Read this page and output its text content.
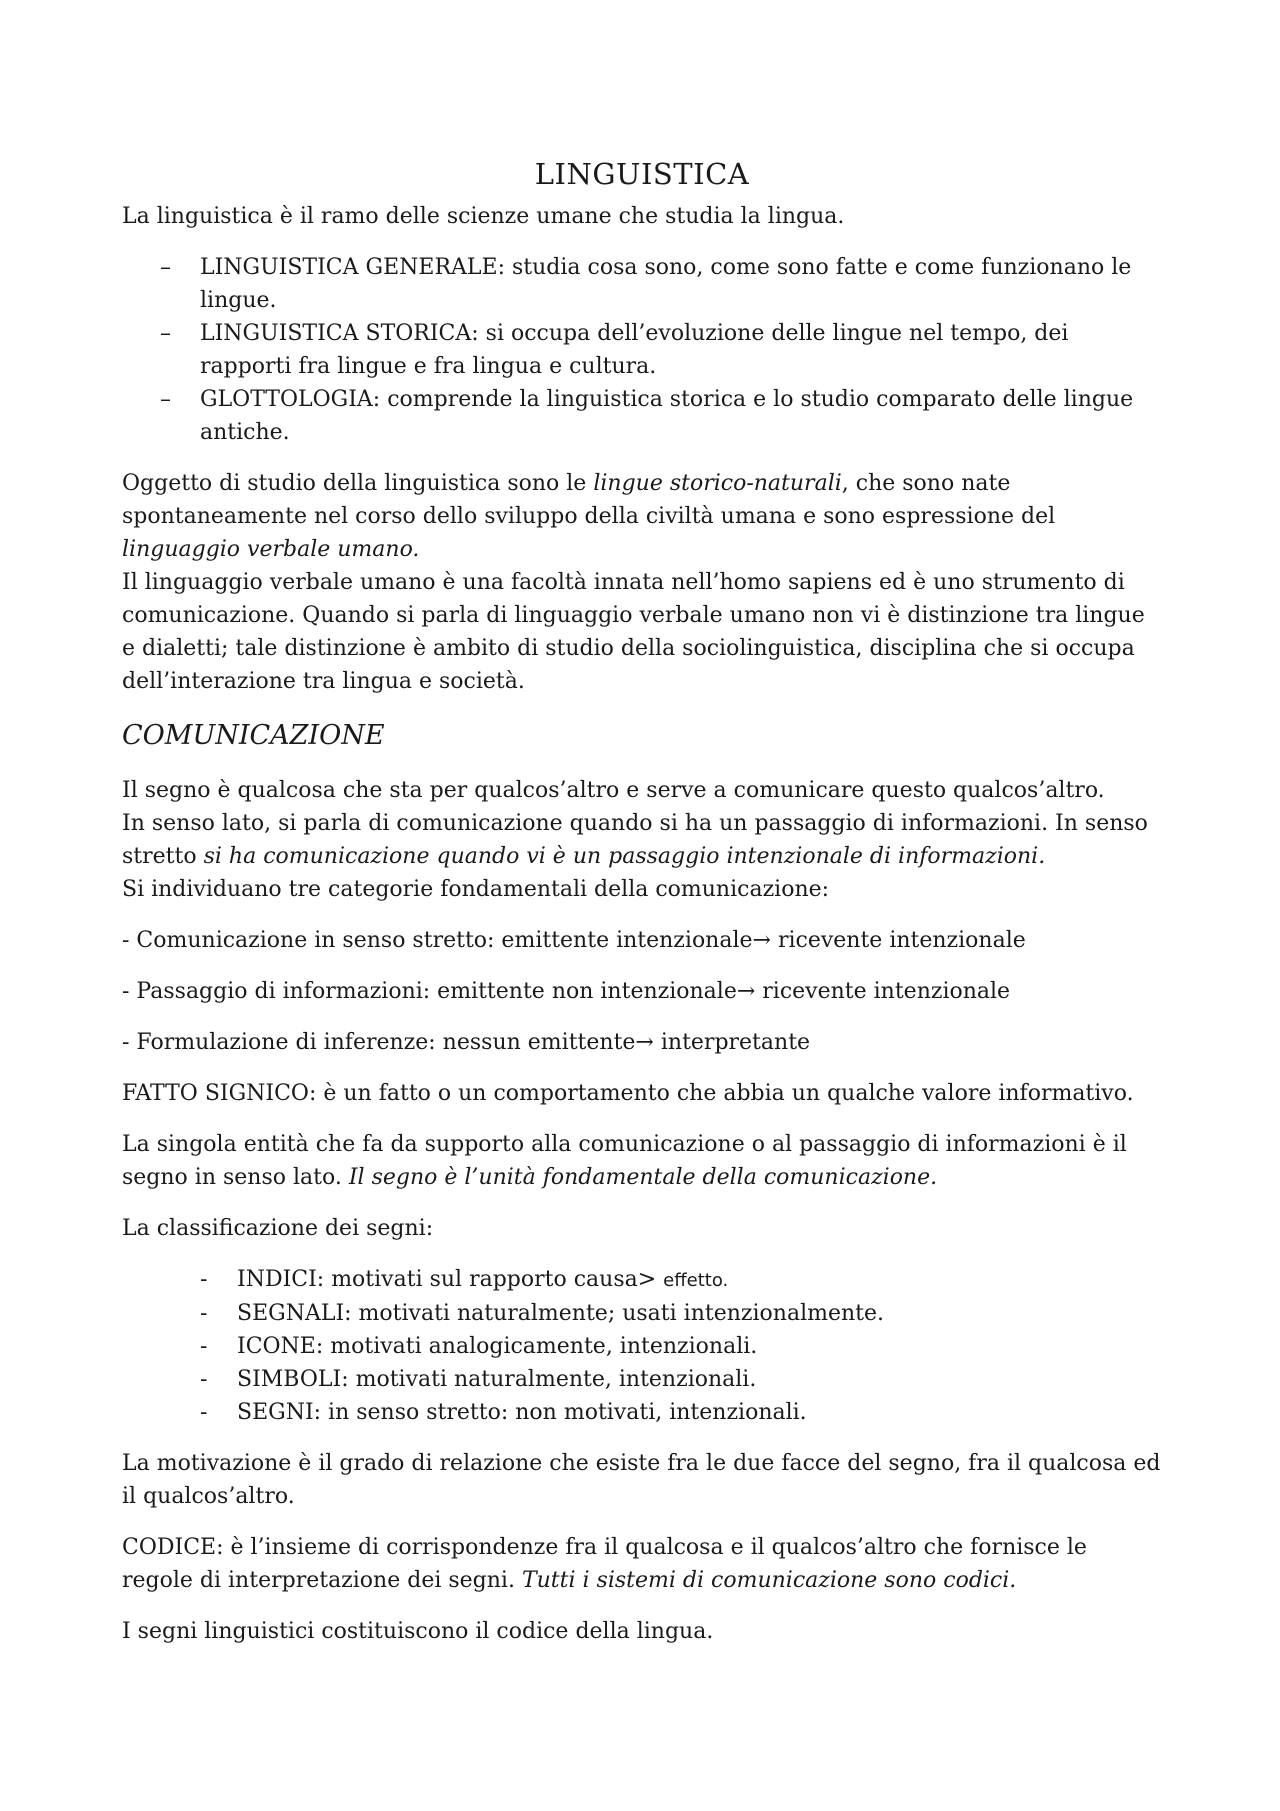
LINGUISTICA

La linguistica è il ramo delle scienze umane che studia la lingua.

– LINGUISTICA GENERALE: studia cosa sono, come sono fatte e come funzionano le lingue.
– LINGUISTICA STORICA: si occupa dell’evoluzione delle lingue nel tempo, dei rapporti fra lingue e fra lingua e cultura.
– GLOTTOLOGIA: comprende la linguistica storica e lo studio comparato delle lingue antiche.

Oggetto di studio della linguistica sono le lingue storico-naturali, che sono nate spontaneamente nel corso dello sviluppo della civiltà umana e sono espressione del linguaggio verbale umano.

Il linguaggio verbale umano è una facoltà innata nell’homo sapiens ed è uno strumento di comunicazione. Quando si parla di linguaggio verbale umano non vi è distinzione tra lingue e dialetti; tale distinzione è ambito di studio della sociolinguistica, disciplina che si occupa dell’interazione tra lingua e società.

COMUNICAZIONE

Il segno è qualcosa che sta per qualcos’altro e serve a comunicare questo qualcos’altro.

In senso lato, si parla di comunicazione quando si ha un passaggio di informazioni. In senso stretto si ha comunicazione quando vi è un passaggio intenzionale di informazioni.

Si individuano tre categorie fondamentali della comunicazione:

- Comunicazione in senso stretto: emittente intenzionale→ ricevente intenzionale

- Passaggio di informazioni: emittente non intenzionale→ ricevente intenzionale

- Formulazione di inferenze: nessun emittente→ interpretante

FATTO SIGNICO: è un fatto o un comportamento che abbia un qualche valore informativo.

La singola entità che fa da supporto alla comunicazione o al passaggio di informazioni è il segno in senso lato. Il segno è l’unità fondamentale della comunicazione.

La classificazione dei segni:

- INDICI: motivati sul rapporto causa> effetto.
- SEGNALI: motivati naturalmente; usati intenzionalmente.
- ICONE: motivati analogicamente, intenzionali.
- SIMBOLI: motivati naturalmente, intenzionali.
- SEGNI: in senso stretto: non motivati, intenzionali.

La motivazione è il grado di relazione che esiste fra le due facce del segno, fra il qualcosa ed il qualcos’altro.

CODICE: è l’insieme di corrispondenze fra il qualcosa e il qualcos’altro che fornisce le regole di interpretazione dei segni. Tutti i sistemi di comunicazione sono codici.

I segni linguistici costituiscono il codice della lingua.
